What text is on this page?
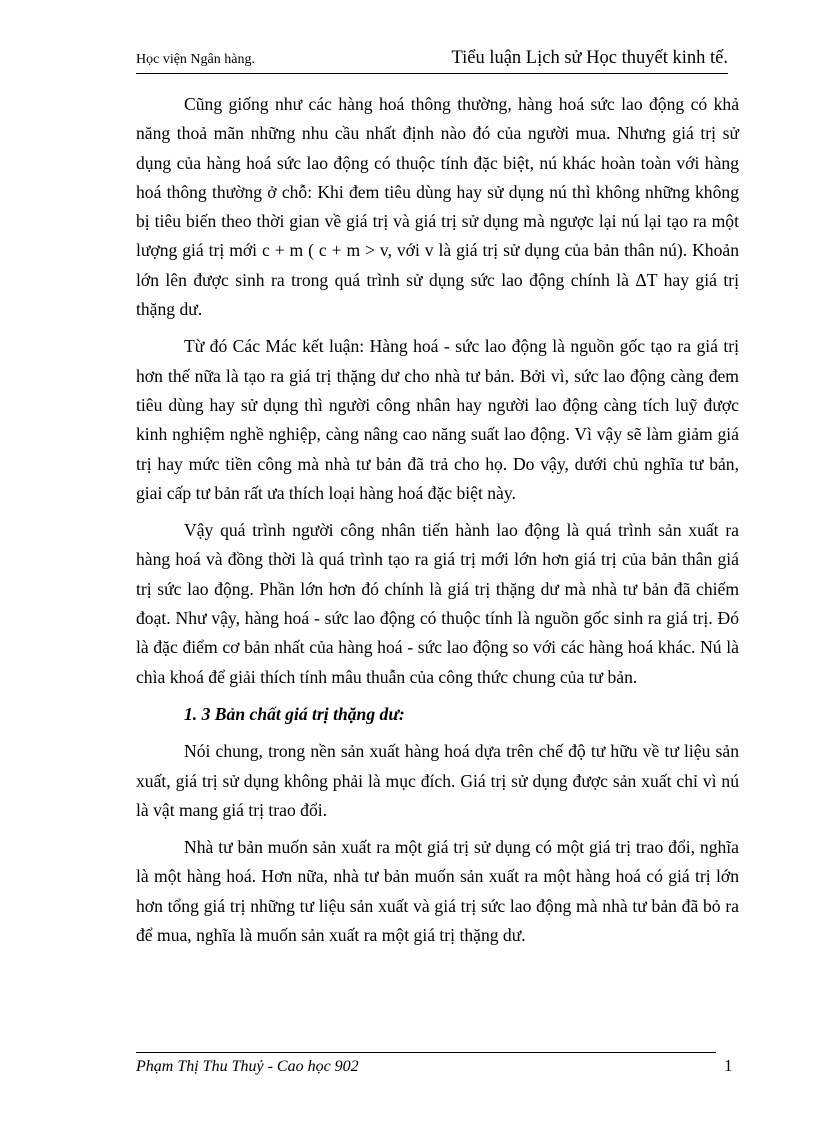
Học viện Ngân hàng.	Tiểu luận Lịch sử Học thuyết kinh tế.

Cũng giống như các hàng hoá thông thường, hàng hoá sức lao động có khả năng thoả mãn những nhu cầu nhất định nào đó của người mua. Nhưng giá trị sử dụng của hàng hoá sức lao động có thuộc tính đặc biệt, nú khác hoàn toàn với hàng hoá thông thường ở chỗ: Khi đem tiêu dùng hay sử dụng nú thì không những không bị tiêu biến theo thời gian về giá trị và giá trị sử dụng mà ngược lại nú lại tạo ra một lượng giá trị mới c + m ( c + m > v, với v là giá trị sử dụng của bản thân nú). Khoản lớn lên được sinh ra trong quá trình sử dụng sức lao động chính là ΔT hay giá trị thặng dư.

Từ đó Các Mác kết luận: Hàng hoá - sức lao động là nguồn gốc tạo ra giá trị hơn thế nữa là tạo ra giá trị thặng dư cho nhà tư bản. Bởi vì, sức lao động càng đem tiêu dùng hay sử dụng thì người công nhân hay người lao động càng tích luỹ được kinh nghiệm nghề nghiệp, càng nâng cao năng suất lao động. Vì vậy sẽ làm giảm giá trị hay mức tiền công mà nhà tư bản đã trả cho họ. Do vậy, dưới chủ nghĩa tư bản, giai cấp tư bản rất ưa thích loại hàng hoá đặc biệt này.

Vậy quá trình người công nhân tiến hành lao động là quá trình sản xuất ra hàng hoá và đồng thời là quá trình tạo ra giá trị mới lớn hơn giá trị của bản thân giá trị sức lao động. Phần lớn hơn đó chính là giá trị thặng dư mà nhà tư bản đã chiếm đoạt. Như vậy, hàng hoá - sức lao động có thuộc tính là nguồn gốc sinh ra giá trị. Đó là đặc điểm cơ bản nhất của hàng hoá - sức lao động so với các hàng hoá khác. Nú là chìa khoá để giải thích tính mâu thuẫn của công thức chung của tư bản.

1. 3 Bản chất giá trị thặng dư:

Nói chung, trong nền sản xuất hàng hoá dựa trên chế độ tư hữu về tư liệu sản xuất, giá trị sử dụng không phải là mục đích. Giá trị sử dụng được sản xuất chỉ vì nú là vật mang giá trị trao đổi.

Nhà tư bản muốn sản xuất ra một giá trị sử dụng có một giá trị trao đổi, nghĩa là một hàng hoá. Hơn nữa, nhà tư bản muốn sản xuất ra một hàng hoá có giá trị lớn hơn tổng giá trị những tư liệu sản xuất và giá trị sức lao động mà nhà tư bản đã bỏ ra để mua, nghĩa là muốn sản xuất ra một giá trị thặng dư.

Phạm Thị Thu Thuỷ - Cao học 902	1
